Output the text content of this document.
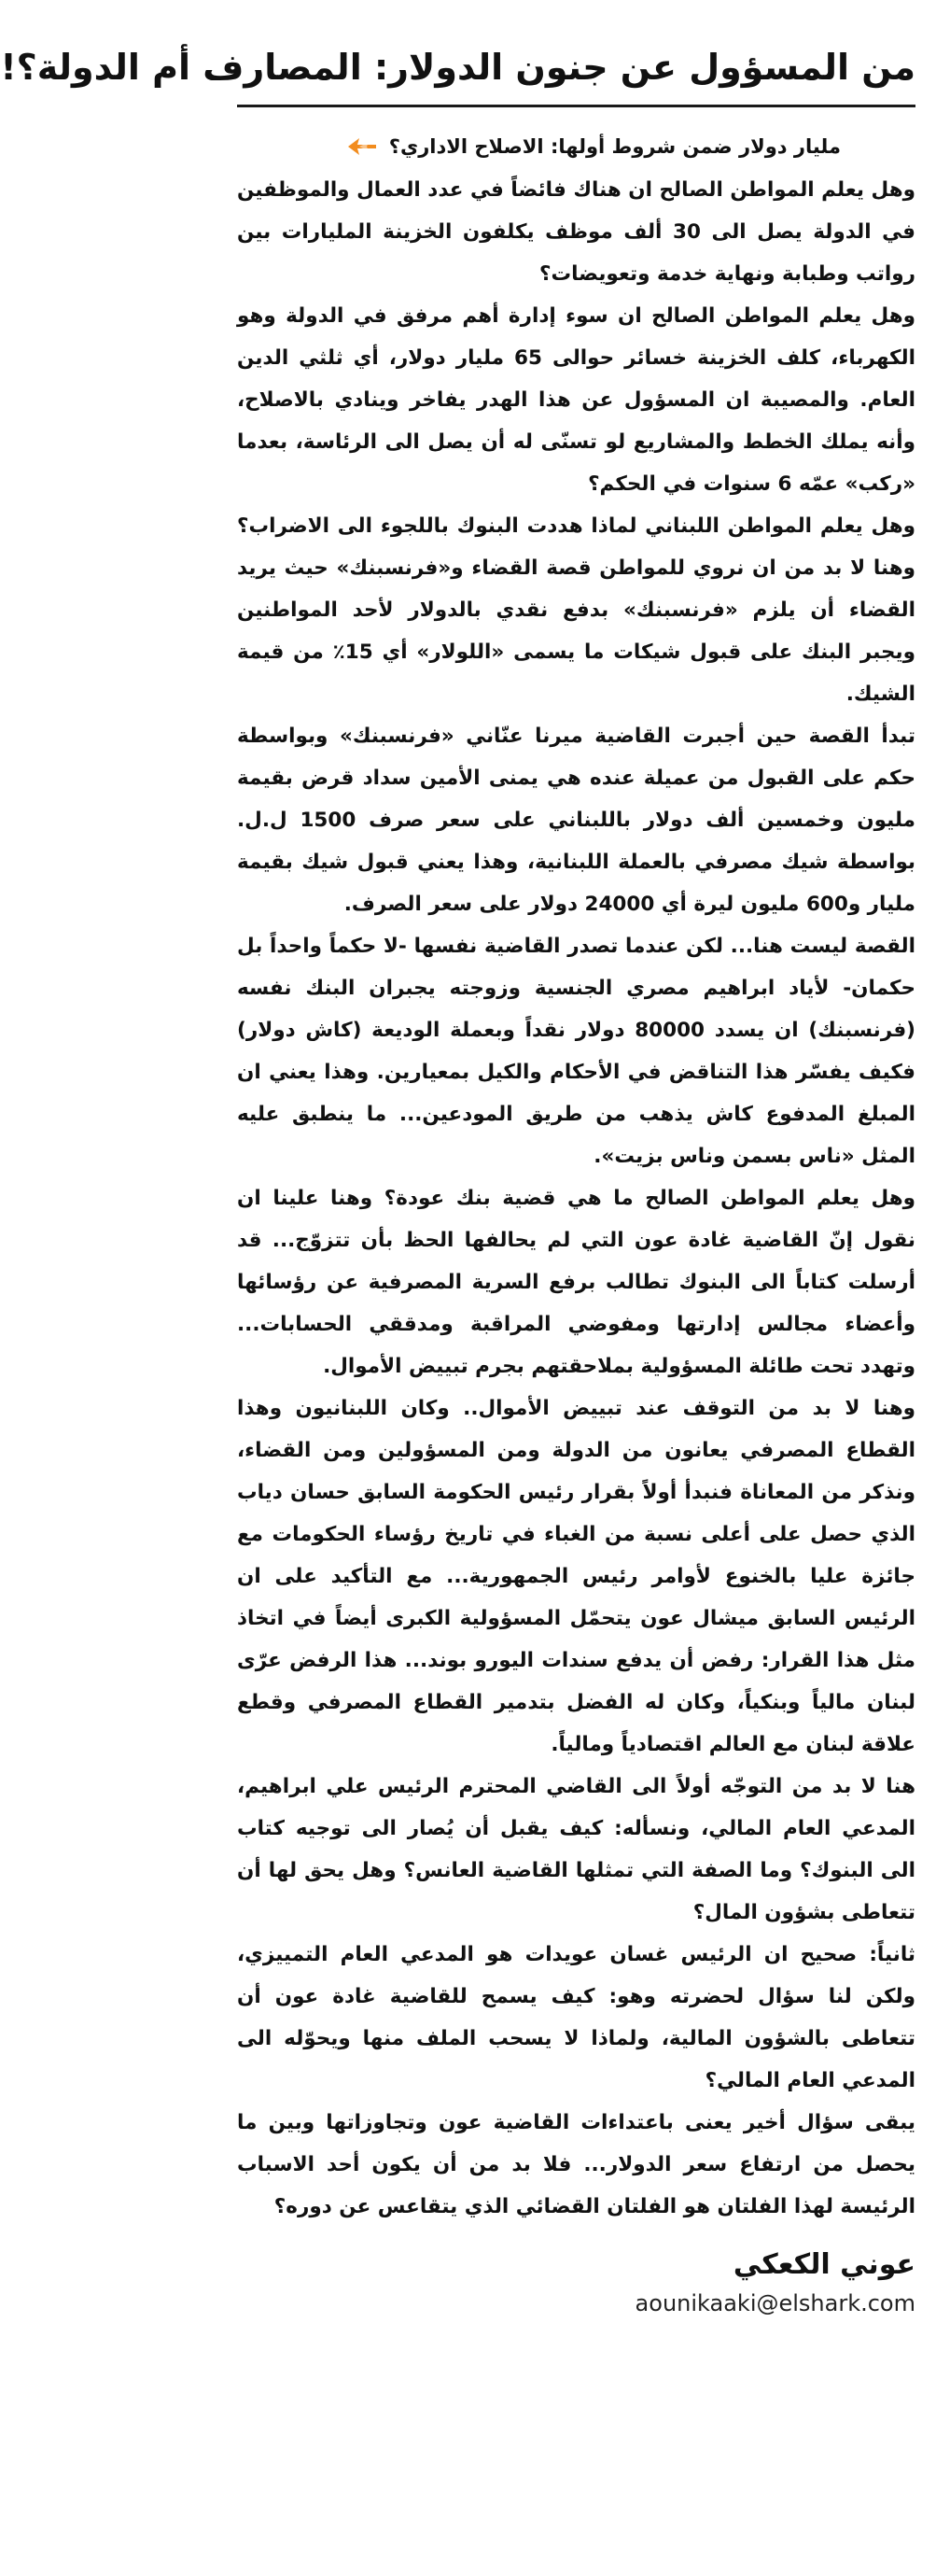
من المسؤول عن جنون الدولار: المصارف أم الدولة؟!
مليار دولار ضمن شروط أولها: الاصلاح الاداري؟

وهل يعلم المواطن الصالح ان هناك فائضاً في عدد العمال والموظفين في الدولة يصل الى 30 ألف موظف يكلفون الخزينة المليارات بين رواتب وطبابة ونهاية خدمة وتعويضات؟

وهل يعلم المواطن الصالح ان سوء إدارة أهم مرفق في الدولة وهو الكهرباء، كلف الخزينة خسائر حوالى 65 مليار دولار، أي ثلثي الدين العام. والمصيبة ان المسؤول عن هذا الهدر يفاخر وينادي بالاصلاح، وأنه يملك الخطط والمشاريع لو تسنّى له أن يصل الى الرئاسة، بعدما «ركب» عمّه 6 سنوات في الحكم؟

وهل يعلم المواطن اللبناني لماذا هددت البنوك باللجوء الى الاضراب؟ وهنا لا بد من ان نروي للمواطن قصة القضاء و«فرنسبنك» حيث يريد القضاء أن يلزم «فرنسبنك» بدفع نقدي بالدولار لأحد المواطنين ويجبر البنك على قبول شيكات ما يسمى «اللولار» أي 15٪ من قيمة الشيك.

تبدأ القصة حين أجبرت القاضية ميرنا عنّاني «فرنسبنك» وبواسطة حكم على القبول من عميلة عنده هي يمنى الأمين سداد قرض بقيمة مليون وخمسين ألف دولار باللبناني على سعر صرف 1500 ل.ل. بواسطة شيك مصرفي بالعملة اللبنانية، وهذا يعني قبول شيك بقيمة مليار و600 مليون ليرة أي 24000 دولار على سعر الصرف.

القصة ليست هنا... لكن عندما تصدر القاضية نفسها -لا حكماً واحداً بل حكمان- لأياد ابراهيم مصري الجنسية وزوجته يجبران البنك نفسه (فرنسبنك) ان يسدد 80000 دولار نقداً وبعملة الوديعة (كاش دولار) فكيف يفسّر هذا التناقض في الأحكام والكيل بمعيارين. وهذا يعني ان المبلغ المدفوع كاش يذهب من طريق المودعين... ما ينطبق عليه المثل «ناس بسمن وناس بزيت».

وهل يعلم المواطن الصالح ما هي قضية بنك عودة؟ وهنا علينا ان نقول إنّ القاضية غادة عون التي لم يحالفها الحظ بأن تتزوّج... قد أرسلت كتاباً الى البنوك تطالب برفع السرية المصرفية عن رؤسائها وأعضاء مجالس إدارتها ومفوضي المراقبة ومدققي الحسابات... وتهدد تحت طائلة المسؤولية بملاحقتهم بجرم تبييض الأموال.

وهنا لا بد من التوقف عند تبييض الأموال.. وكان اللبنانيون وهذا القطاع المصرفي يعانون من الدولة ومن المسؤولين ومن القضاء، ونذكر من المعاناة فنبدأ أولاً بقرار رئيس الحكومة السابق حسان دياب الذي حصل على أعلى نسبة من الغباء في تاريخ رؤساء الحكومات مع جائزة عليا بالخنوع لأوامر رئيس الجمهورية... مع التأكيد على ان الرئيس السابق ميشال عون يتحمّل المسؤولية الكبرى أيضاً في اتخاذ مثل هذا القرار: رفض أن يدفع سندات اليورو بوند... هذا الرفض عرّى لبنان مالياً وبنكياً، وكان له الفضل بتدمير القطاع المصرفي وقطع علاقة لبنان مع العالم اقتصادياً ومالياً.

هنا لا بد من التوجّه أولاً الى القاضي المحترم الرئيس علي ابراهيم، المدعي العام المالي، ونسأله: كيف يقبل أن يُصار الى توجيه كتاب الى البنوك؟ وما الصفة التي تمثلها القاضية العانس؟ وهل يحق لها أن تتعاطى بشؤون المال؟

ثانياً: صحيح ان الرئيس غسان عويدات هو المدعي العام التمييزي، ولكن لنا سؤال لحضرته وهو: كيف يسمح للقاضية غادة عون أن تتعاطى بالشؤون المالية، ولماذا لا يسحب الملف منها ويحوّله الى المدعي العام المالي؟

يبقى سؤال أخير يعنى باعتداءات القاضية عون وتجاوزاتها وبين ما يحصل من ارتفاع سعر الدولار... فلا بد من أن يكون أحد الاسباب الرئيسة لهذا الفلتان هو الفلتان القضائي الذي يتقاعس عن دوره؟

عوني الكعكي
aounikaaki@elshark.com
